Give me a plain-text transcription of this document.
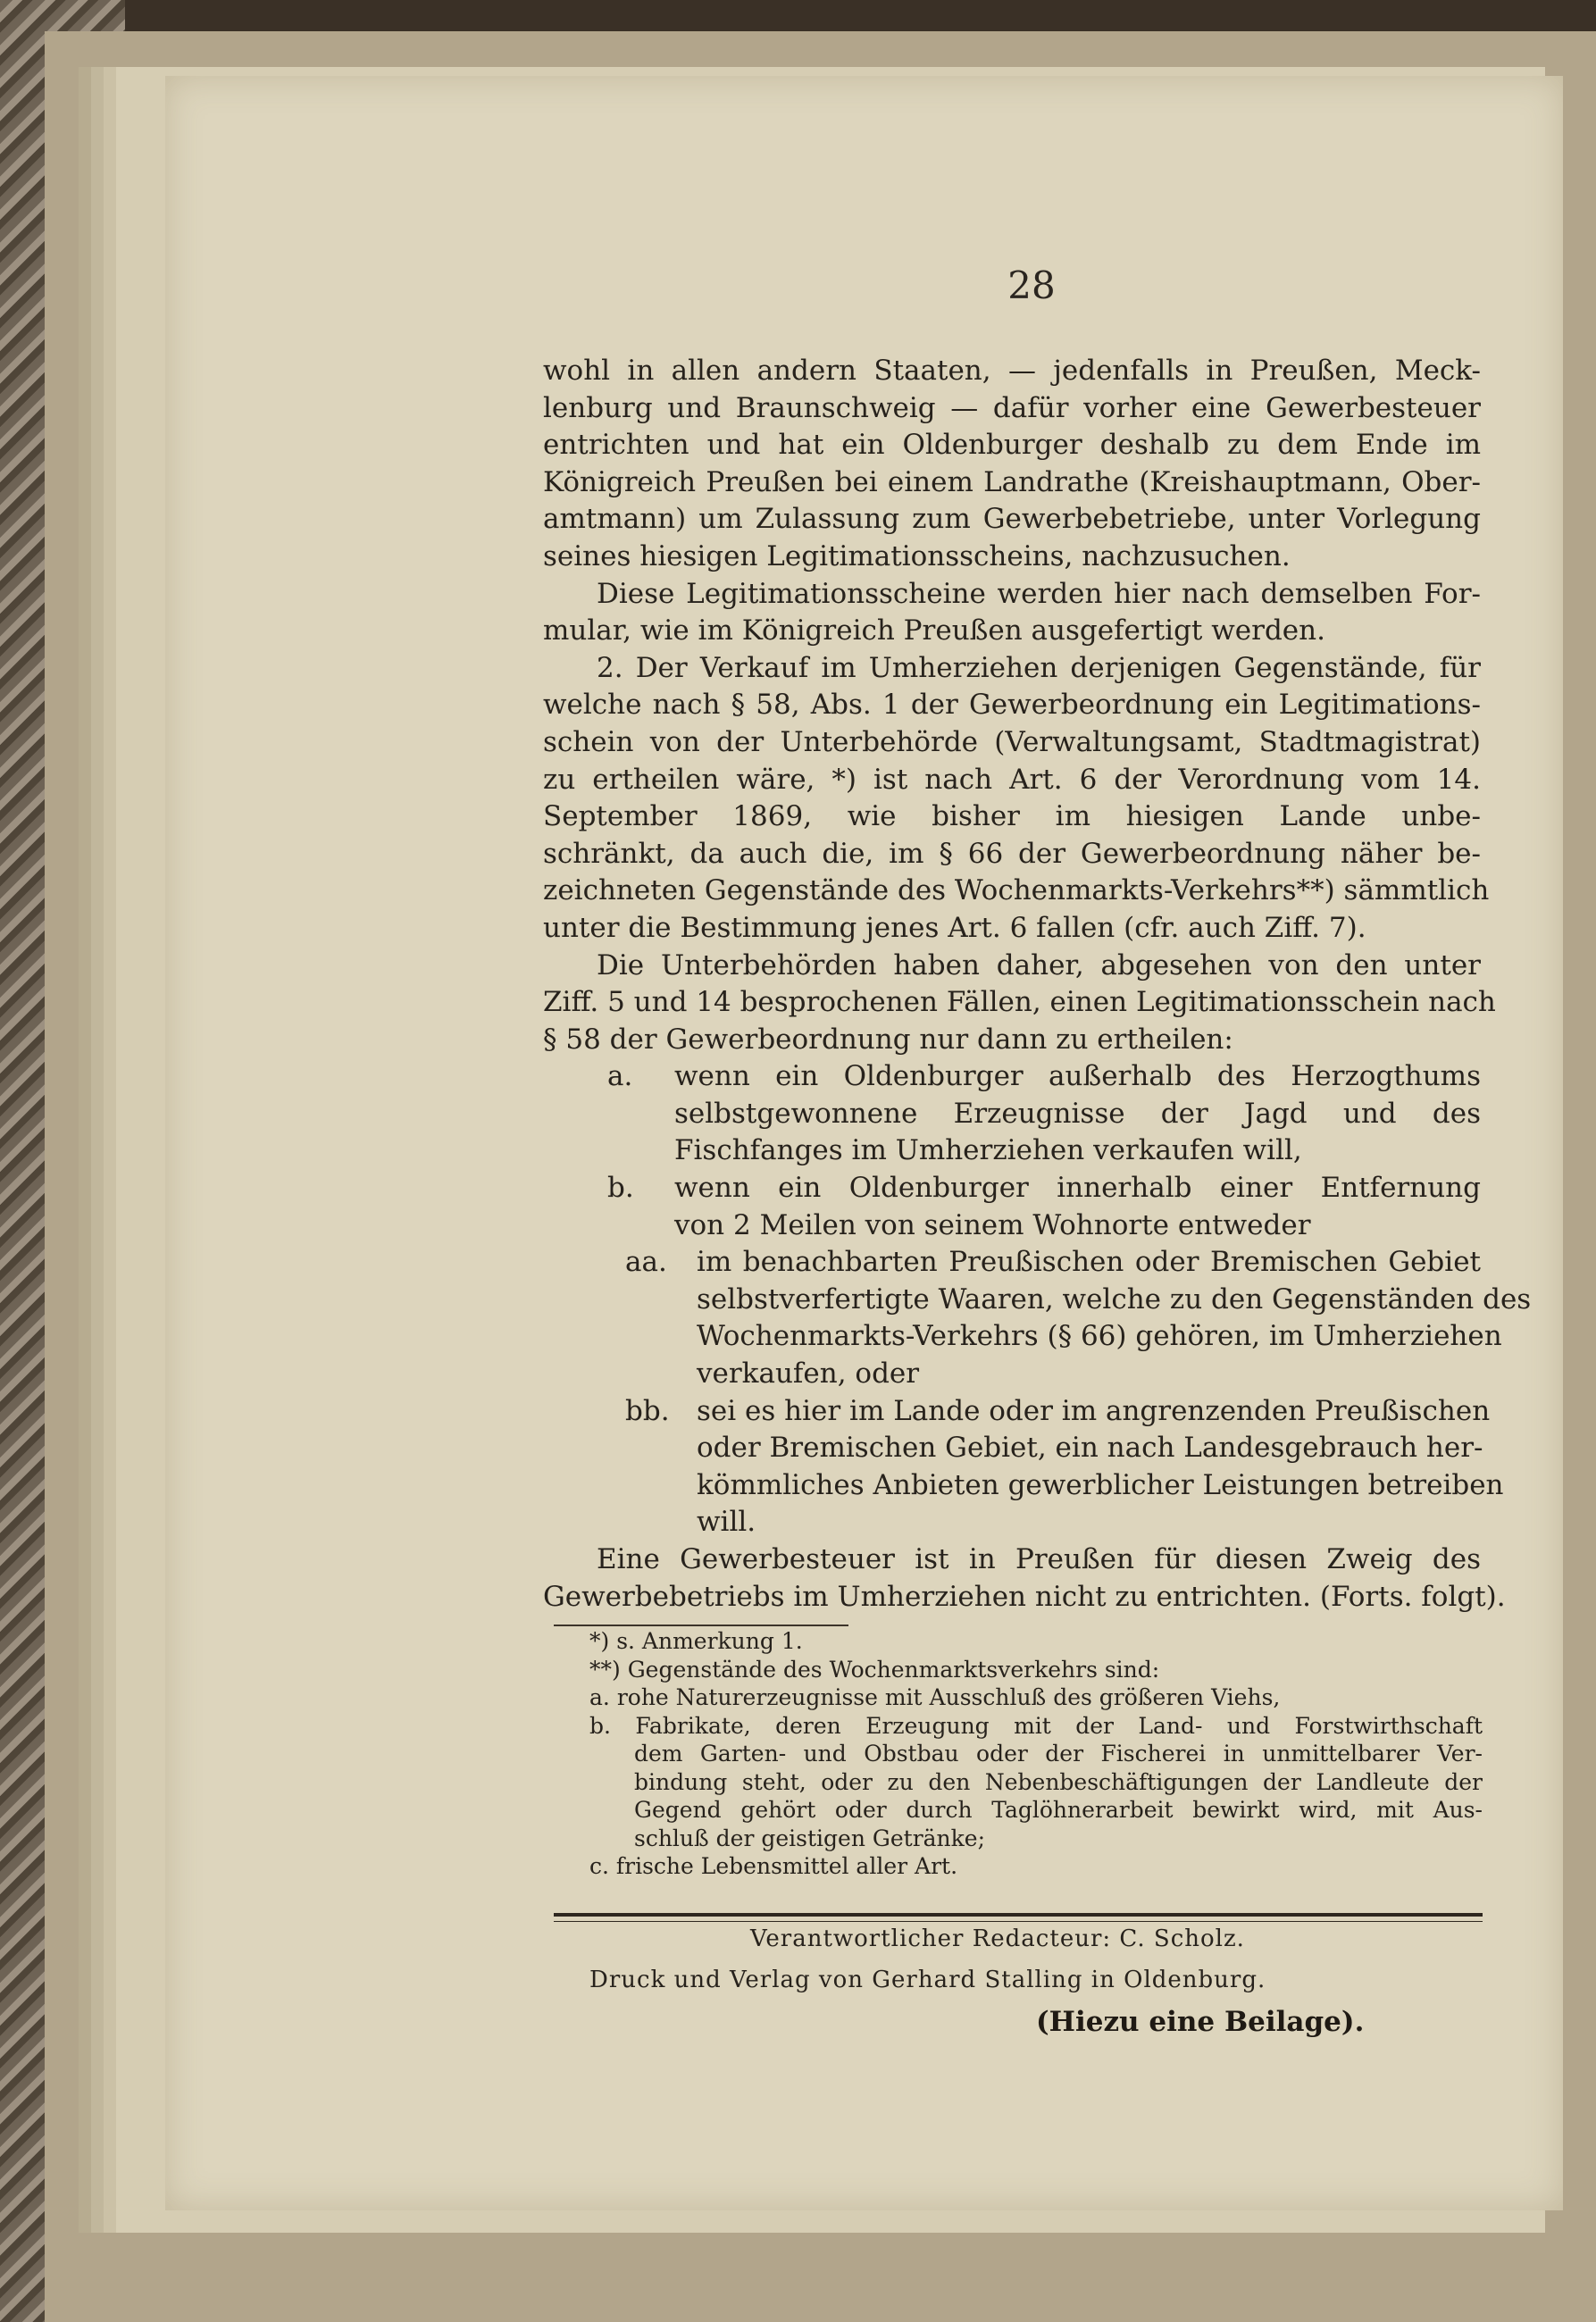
28
wohl in allen andern Staaten, — jedenfalls in Preußen, Meck-
lenburg und Braunschweig — dafür vorher eine Gewerbesteuer
entrichten und hat ein Oldenburger deshalb zu dem Ende im
Königreich Preußen bei einem Landrathe (Kreishauptmann, Ober-
amtmann) um Zulassung zum Gewerbebetriebe, unter Vorlegung
seines hiesigen Legitimationsscheins, nachzusuchen.
Diese Legitimationsscheine werden hier nach demselben For-
mular, wie im Königreich Preußen ausgefertigt werden.
2. Der Verkauf im Umherziehen derjenigen Gegenstände, für
welche nach § 58, Abs. 1 der Gewerbeordnung ein Legitimations-
schein von der Unterbehörde (Verwaltungsamt, Stadtmagistrat)
zu ertheilen wäre, *) ist nach Art. 6 der Verordnung vom 14.
September 1869, wie bisher im hiesigen Lande unbe-
schränkt, da auch die, im § 66 der Gewerbeordnung näher be-
zeichneten Gegenstände des Wochenmarkts-Verkehrs**) sämmtlich
unter die Bestimmung jenes Art. 6 fallen (cfr. auch Ziff. 7).
Die Unterbehörden haben daher, abgesehen von den unter
Ziff. 5 und 14 besprochenen Fällen, einen Legitimationsschein nach
§ 58 der Gewerbeordnung nur dann zu ertheilen:
a. wenn ein Oldenburger außerhalb des Herzogthums
selbstgewonnene Erzeugnisse der Jagd und des
Fischfanges im Umherziehen verkaufen will,
b. wenn ein Oldenburger innerhalb einer Entfernung
von 2 Meilen von seinem Wohnorte entweder
aa. im benachbarten Preußischen oder Bremischen Gebiet
selbstverfertigte Waaren, welche zu den Gegenständen des
Wochenmarkts-Verkehrs (§ 66) gehören, im Umherziehen
verkaufen, oder
bb. sei es hier im Lande oder im angrenzenden Preußischen
oder Bremischen Gebiet, ein nach Landesgebrauch her-
kömmliches Anbieten gewerblicher Leistungen betreiben
will.
Eine Gewerbesteuer ist in Preußen für diesen Zweig des
Gewerbebetriebs im Umherziehen nicht zu entrichten. (Forts. folgt).
*) s. Anmerkung 1.
**) Gegenstände des Wochenmarktsverkehrs sind:
a. rohe Naturerzeugnisse mit Ausschluß des größeren Viehs,
b. Fabrikate, deren Erzeugung mit der Land- und Forstwirthschaft
dem Garten- und Obstbau oder der Fischerei in unmittelbarer Ver-
bindung steht, oder zu den Nebenbeschäftigungen der Landleute der
Gegend gehört oder durch Taglöhnerarbeit bewirkt wird, mit Aus-
schluß der geistigen Getränke;
c. frische Lebensmittel aller Art.
Verantwortlicher Redacteur: C. Scholz.
Druck und Verlag von Gerhard Stalling in Oldenburg.
(Hiezu eine Beilage).
